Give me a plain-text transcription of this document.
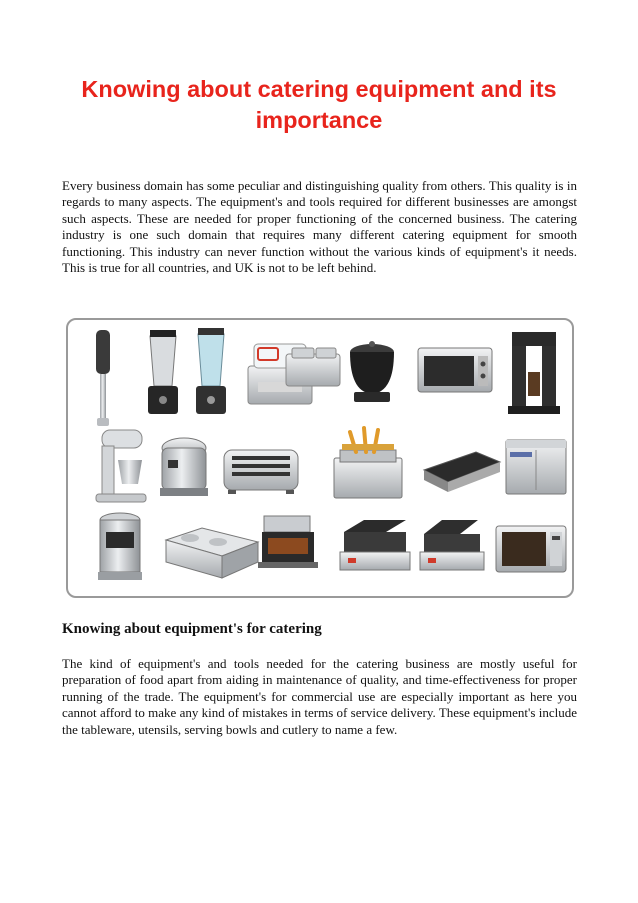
Knowing about catering equipment and its importance

Every business domain has some peculiar and distinguishing quality from others. This quality is in regards to many aspects. The equipment's and tools required for different businesses are amongst such aspects. These are needed for proper functioning of the concerned business. The catering industry is one such domain that requires many different catering equipment for smooth functioning. This industry can never function without the various kinds of equipment's it needs. This is true for all countries, and UK is not to be left behind.

Knowing about equipment's for catering

The kind of equipment's and tools needed for the catering business are mostly useful for preparation of food apart from aiding in maintenance of quality, and time-effectiveness for proper running of the trade. The equipment's for commercial use are especially important as here you cannot afford to make any kind of mistakes in terms of service delivery. These equipment's include the tableware, utensils, serving bowls and cutlery to name a few.
